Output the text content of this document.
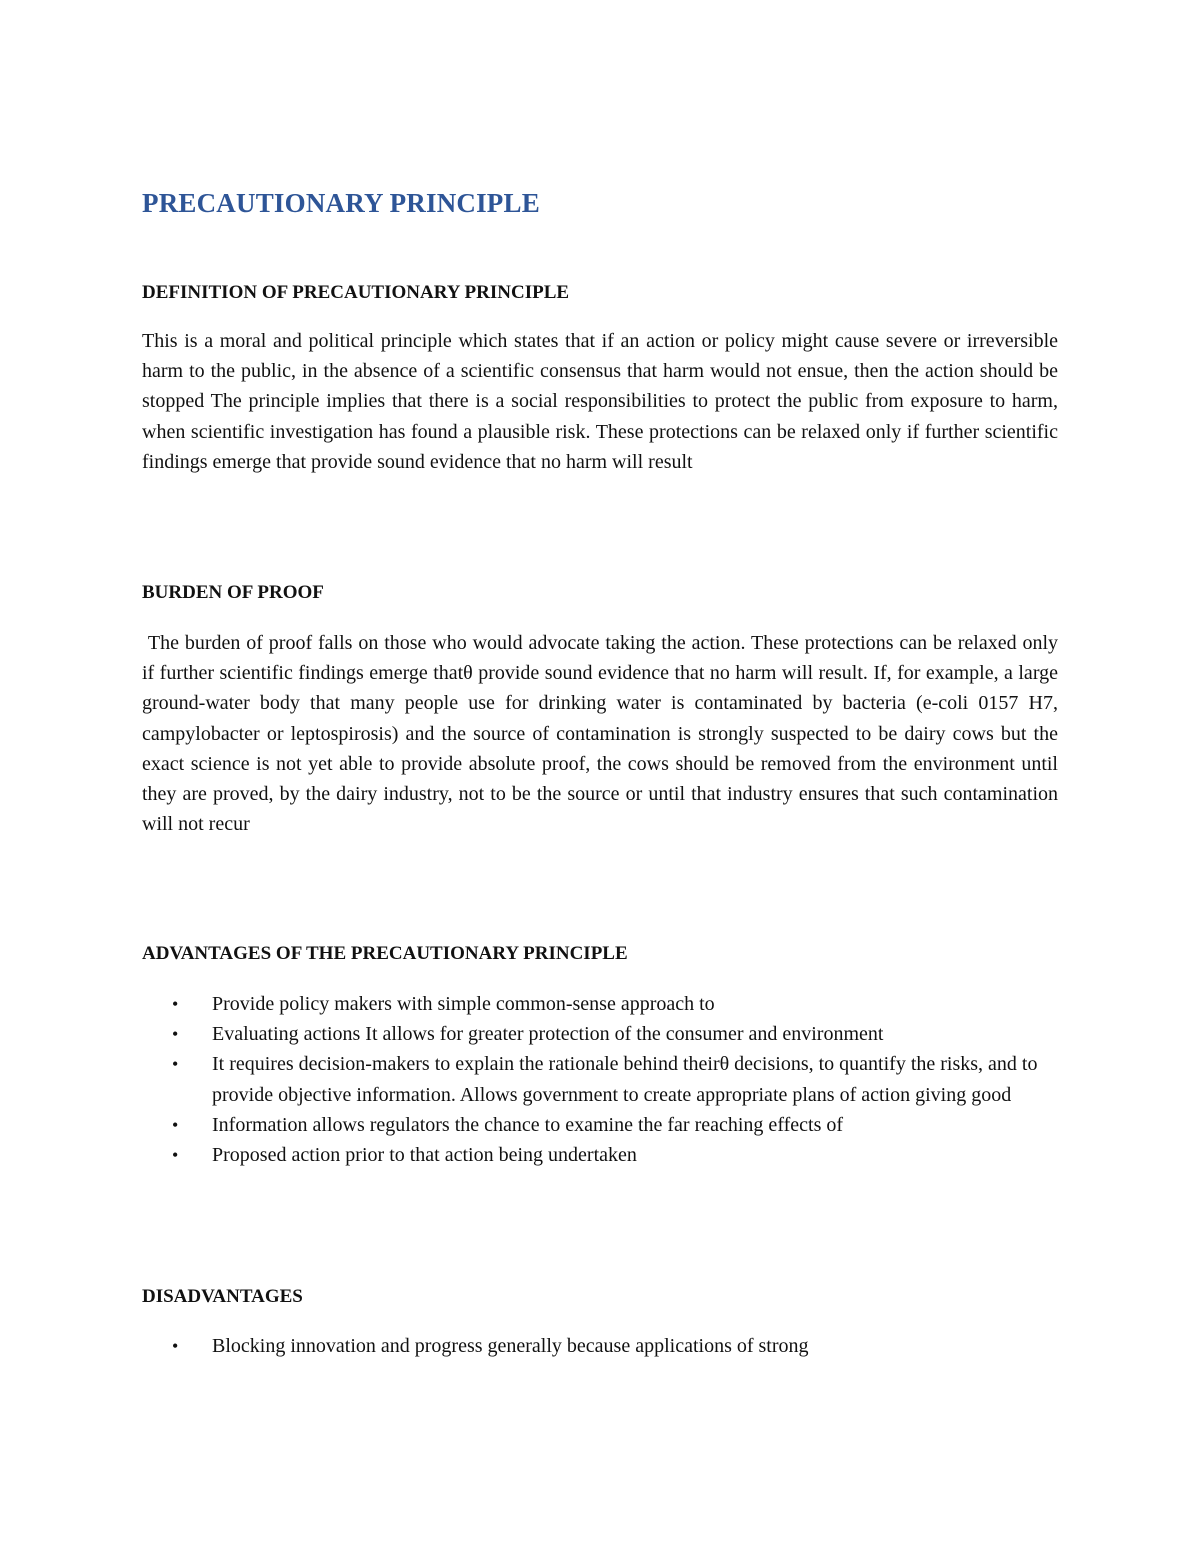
PRECAUTIONARY PRINCIPLE
DEFINITION OF PRECAUTIONARY PRINCIPLE

This is a moral and political principle which states that if an action or policy might cause severe or irreversible harm to the public, in the absence of a scientific consensus that harm would not ensue, then the action should be stopped The principle implies that there is a social responsibilities to protect the public from exposure to harm, when scientific investigation has found a plausible risk. These protections can be relaxed only if further scientific findings emerge that provide sound evidence that no harm will result

BURDEN OF PROOF

The burden of proof falls on those who would advocate taking the action. These protections can be relaxed only if further scientific findings emerge thatθ provide sound evidence that no harm will result. If, for example, a large ground-water body that many people use for drinking water is contaminated by bacteria (e-coli 0157 H7, campylobacter or leptospirosis) and the source of contamination is strongly suspected to be dairy cows but the exact science is not yet able to provide absolute proof, the cows should be removed from the environment until they are proved, by the dairy industry, not to be the source or until that industry ensures that such contamination will not recur

ADVANTAGES OF THE PRECAUTIONARY PRINCIPLE
• Provide policy makers with simple common-sense approach to
• Evaluating actions It allows for greater protection of the consumer and environment
• It requires decision-makers to explain the rationale behind theirθ decisions, to quantify the risks, and to provide objective information. Allows government to create appropriate plans of action giving good
• Information allows regulators the chance to examine the far reaching effects of
• Proposed action prior to that action being undertaken
DISADVANTAGES
• Blocking innovation and progress generally because applications of strong
